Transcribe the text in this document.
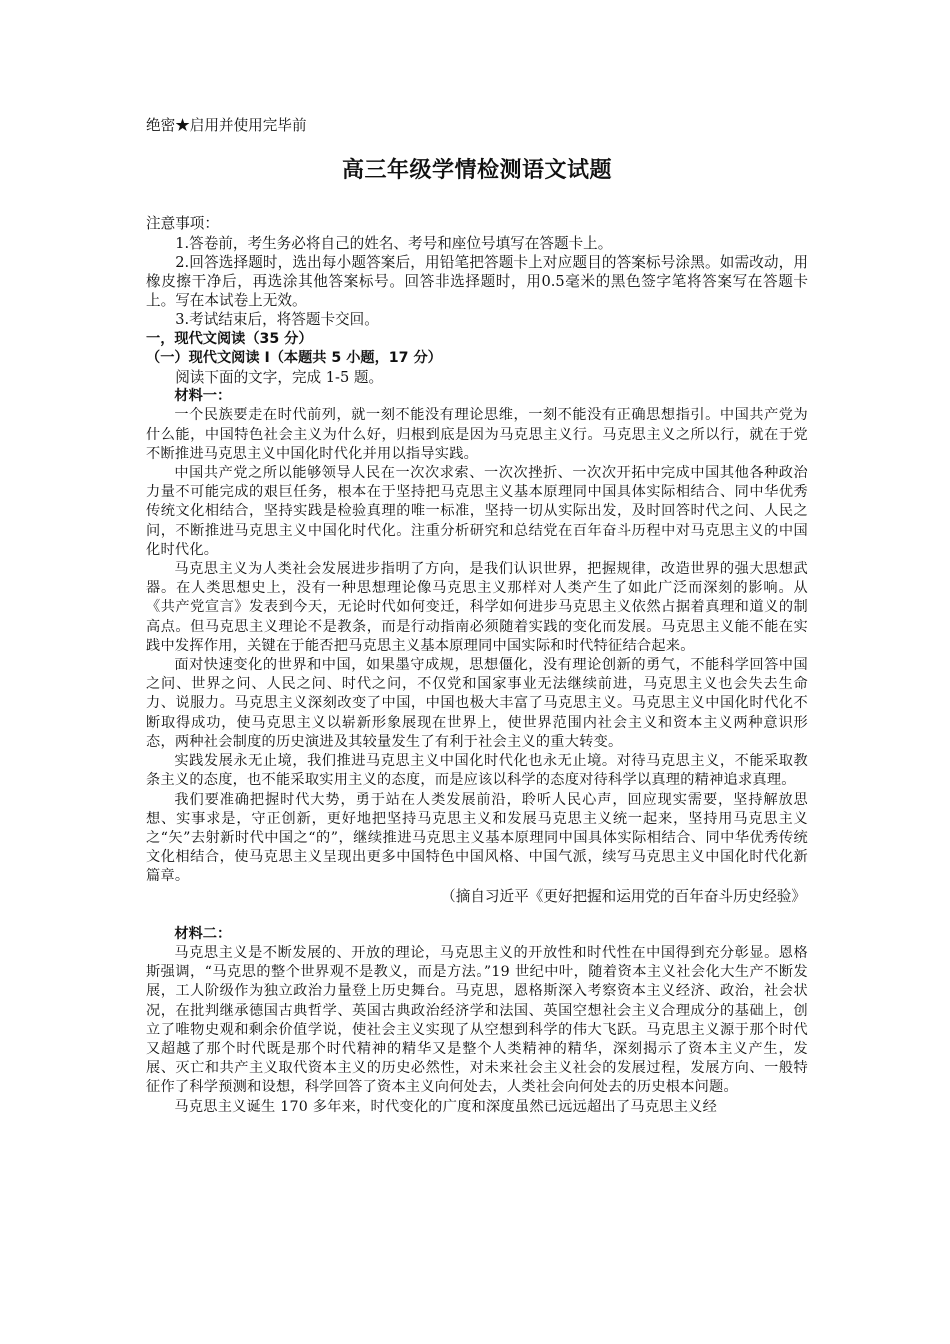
绝密★启用并使用完毕前

高三年级学情检测语文试题

注意事项：

1.答卷前，考生务必将自己的姓名、考号和座位号填写在答题卡上。

2.回答选择题时，选出每小题答案后，用铅笔把答题卡上对应题目的答案标号涂黑。如需改动，用橡皮擦干净后，再选涂其他答案标号。回答非选择题时，用0.5毫米的黑色签字笔将答案写在答题卡上。写在本试卷上无效。

3.考试结束后，将答题卡交回。

一，现代文阅读（35 分）

（一）现代文阅读 I（本题共 5 小题，17 分）

阅读下面的文字，完成 1-5 题。

材料一：

一个民族要走在时代前列，就一刻不能没有理论思维，一刻不能没有正确思想指引。中国共产党为什么能，中国特色社会主义为什么好，归根到底是因为马克思主义行。马克思主义之所以行，就在于党不断推进马克思主义中国化时代化并用以指导实践。

中国共产党之所以能够领导人民在一次次求索、一次次挫折、一次次开拓中完成中国其他各种政治力量不可能完成的艰巨任务，根本在于坚持把马克思主义基本原理同中国具体实际相结合、同中华优秀传统文化相结合，坚持实践是检验真理的唯一标准，坚持一切从实际出发，及时回答时代之问、人民之问，不断推进马克思主义中国化时代化。注重分析研究和总结党在百年奋斗历程中对马克思主义的中国化时代化。

马克思主义为人类社会发展进步指明了方向，是我们认识世界，把握规律，改造世界的强大思想武器。在人类思想史上，没有一种思想理论像马克思主义那样对人类产生了如此广泛而深刻的影响。从《共产党宣言》发表到今天，无论时代如何变迁，科学如何进步马克思主义依然占据着真理和道义的制高点。但马克思主义理论不是教条，而是行动指南必须随着实践的变化而发展。马克思主义能不能在实践中发挥作用，关键在于能否把马克思主义基本原理同中国实际和时代特征结合起来。

面对快速变化的世界和中国，如果墨守成规，思想僵化，没有理论创新的勇气，不能科学回答中国之问、世界之问、人民之问、时代之问，不仅党和国家事业无法继续前进，马克思主义也会失去生命力、说服力。马克思主义深刻改变了中国，中国也极大丰富了马克思主义。马克思主义中国化时代化不断取得成功，使马克思主义以崭新形象展现在世界上，使世界范围内社会主义和资本主义两种意识形态，两种社会制度的历史演进及其较量发生了有利于社会主义的重大转变。

实践发展永无止境，我们推进马克思主义中国化时代化也永无止境。对待马克思主义，不能采取教条主义的态度，也不能采取实用主义的态度，而是应该以科学的态度对待科学以真理的精神追求真理。

我们要准确把握时代大势，勇于站在人类发展前沿，聆听人民心声，回应现实需要，坚持解放思想、实事求是，守正创新，更好地把坚持马克思主义和发展马克思主义统一起来，坚持用马克思主义之“矢”去射新时代中国之“的”，继续推进马克思主义基本原理同中国具体实际相结合、同中华优秀传统文化相结合，使马克思主义呈现出更多中国特色中国风格、中国气派，续写马克思主义中国化时代化新篇章。

（摘自习近平《更好把握和运用党的百年奋斗历史经验》

材料二：

马克思主义是不断发展的、开放的理论，马克思主义的开放性和时代性在中国得到充分彰显。恩格斯强调，“马克思的整个世界观不是教义，而是方法。”19 世纪中叶，随着资本主义社会化大生产不断发展，工人阶级作为独立政治力量登上历史舞台。马克思，恩格斯深入考察资本主义经济、政治，社会状况，在批判继承德国古典哲学、英国古典政治经济学和法国、英国空想社会主义合理成分的基础上，创立了唯物史观和剩余价值学说，使社会主义实现了从空想到科学的伟大飞跃。马克思主义源于那个时代又超越了那个时代既是那个时代精神的精华又是整个人类精神的精华，深刻揭示了资本主义产生，发展、灭亡和共产主义取代资本主义的历史必然性，对未来社会主义社会的发展过程，发展方向、一般特征作了科学预测和设想，科学回答了资本主义向何处去，人类社会向何处去的历史根本问题。

马克思主义诞生 170 多年来，时代变化的广度和深度虽然已远远超出了马克思主义经
